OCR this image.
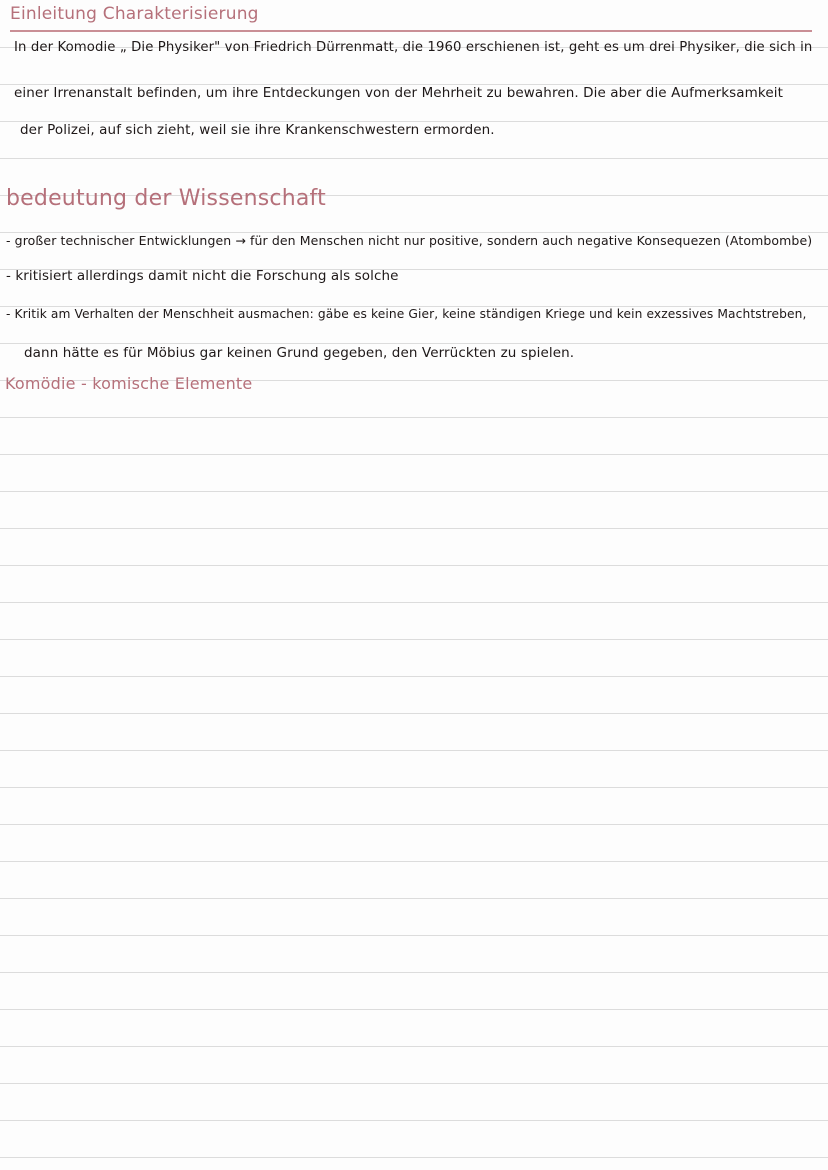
Einleitung Charakterisierung

In der Komodie „ Die Physiker" von Friedrich Dürrenmatt, die 1960 erschienen ist, geht es um drei Physiker, die sich in

einer Irrenanstalt befinden, um ihre Entdeckungen von der Mehrheit zu bewahren. Die aber die Aufmerksamkeit

der Polizei, auf sich zieht, weil sie ihre Krankenschwestern ermorden.

bedeutung der Wissenschaft

- großer technischer Entwicklungen → für den Menschen nicht nur positive, sondern auch negative Konsequezen (Atombombe)

- kritisiert allerdings damit nicht die Forschung als solche

- Kritik am Verhalten der Menschheit ausmachen: gäbe es keine Gier, keine ständigen Kriege und kein exzessives Machtstreben,

dann hätte es für Möbius gar keinen Grund gegeben, den Verrückten zu spielen.

Komödie - komische Elemente
